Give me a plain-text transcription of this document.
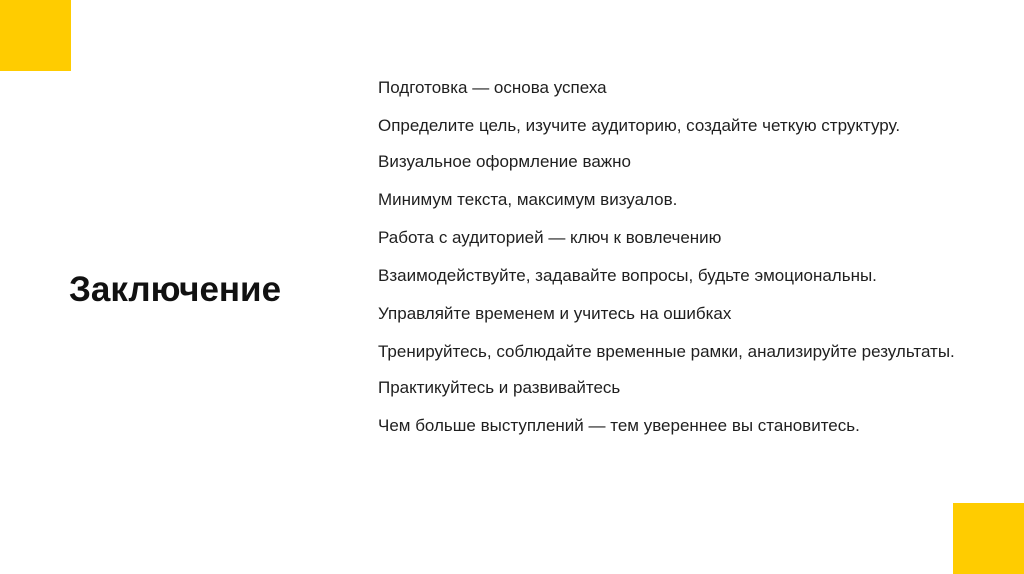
Заключение

Подготовка — основа успеха

Определите цель, изучите аудиторию, создайте четкую структуру.

Визуальное оформление важно

Минимум текста, максимум визуалов.

Работа с аудиторией — ключ к вовлечению

Взаимодействуйте, задавайте вопросы, будьте эмоциональны.

Управляйте временем и учитесь на ошибках

Тренируйтесь, соблюдайте временные рамки, анализируйте результаты.

Практикуйтесь и развивайтесь

Чем больше выступлений — тем увереннее вы становитесь.
